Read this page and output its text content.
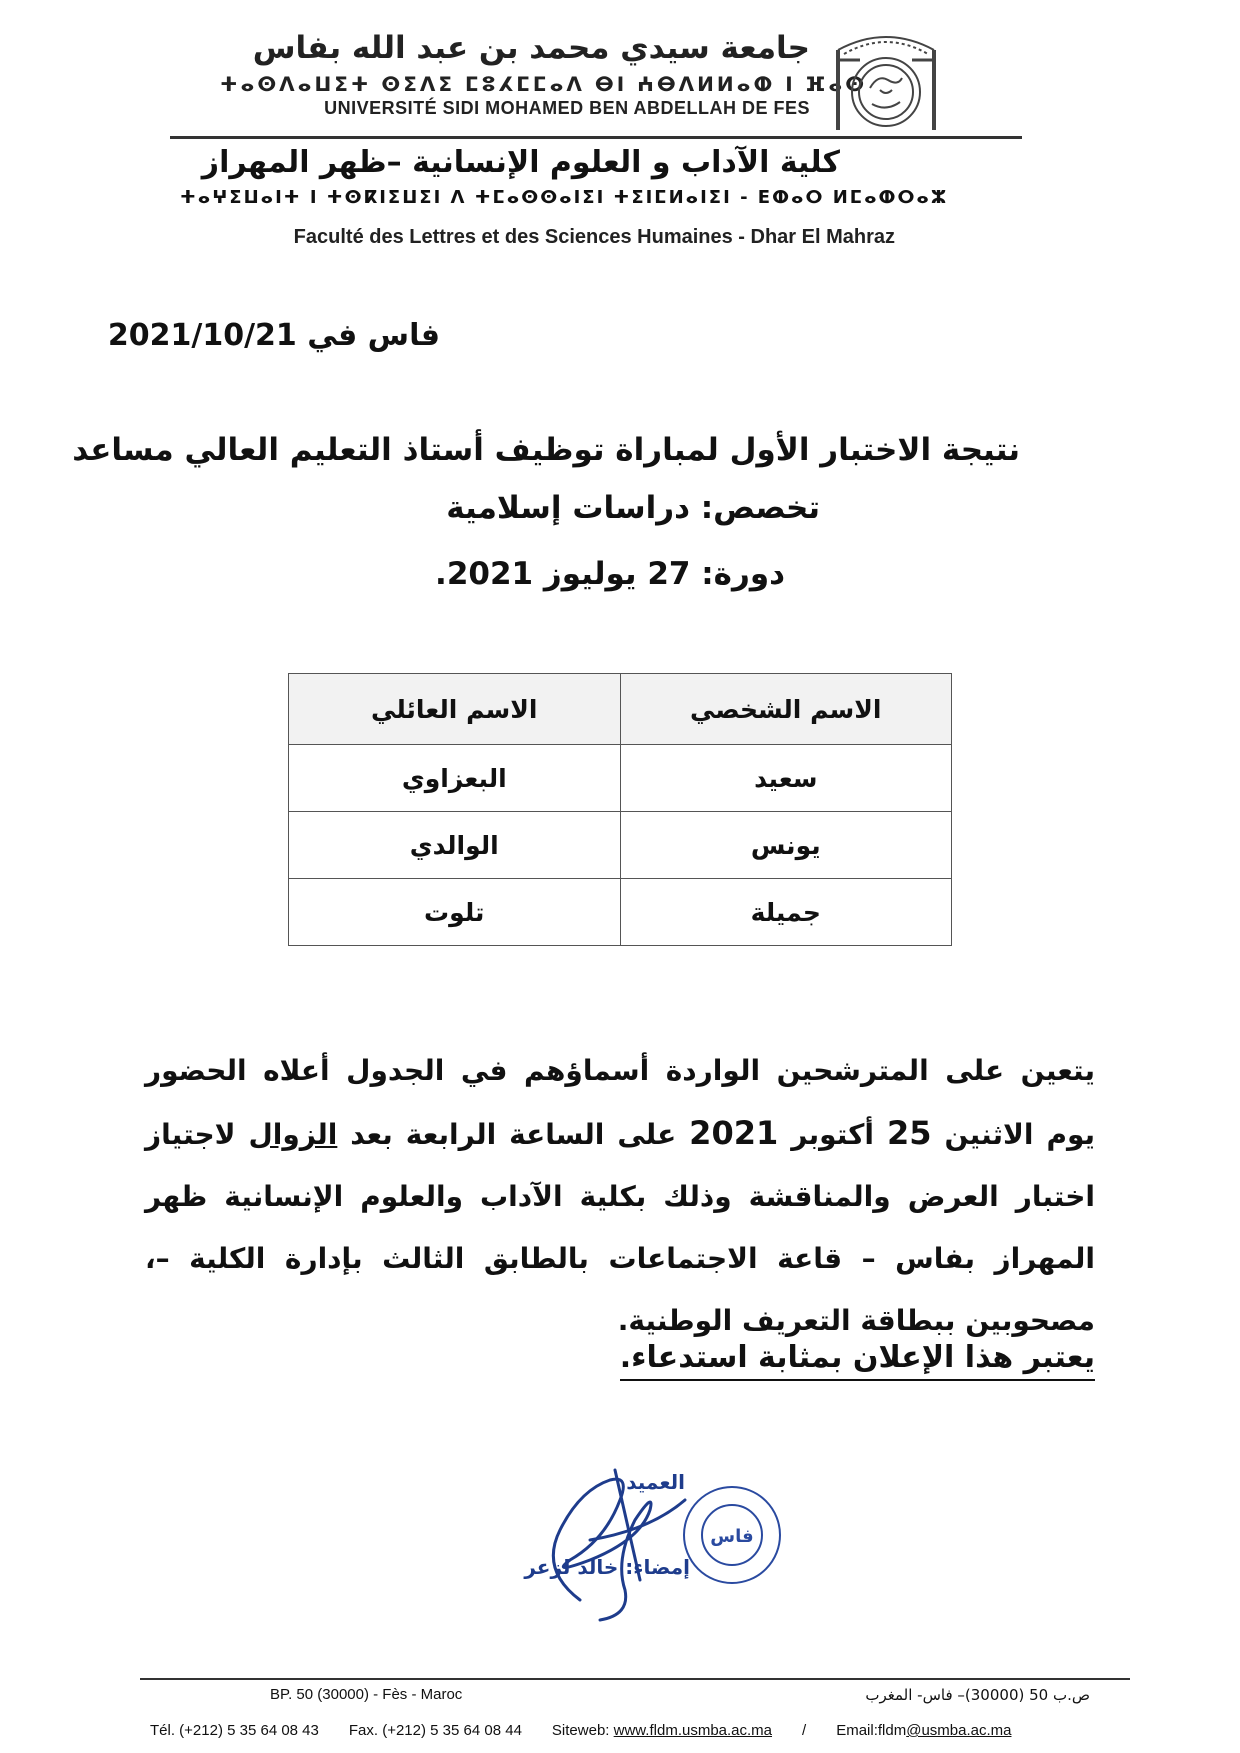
جامعة سيدي محمد بن عبد الله بفاس
ⵜⴰⵙⴷⴰⵡⵉⵜ ⵙⵉⴷⵉ ⵎⵓⵃⵎⵎⴰⴷ ⴱⵏ ⵄⴱⴷⵍⵍⴰⵀ ⵏ ⴼⴰⵙ
UNIVERSITÉ SIDI MOHAMED BEN ABDELLAH DE FES
كلية الآداب و العلوم الإنسانية –ظهر المهراز
ⵜⴰⵖⵉⵡⴰⵏⵜ ⵏ ⵜⵙⴽⵏⵉⵡⵉⵏ ⴷ ⵜⵎⴰⵙⵙⴰⵏⵉⵏ ⵜⵉⵏⵎⵍⴰⵏⵉⵏ - ⴹⵀⴰⵔ ⵍⵎⴰⵀⵔⴰⵣ
Faculté des Lettres et des Sciences Humaines - Dhar El Mahraz
فاس في 2021/10/21
نتيجة الاختبار الأول لمباراة توظيف أستاذ التعليم العالي مساعد
تخصص: دراسات إسلامية
دورة: 27 يوليوز 2021.
الاسم الشخصي	الاسم العائلي
سعيد	البعزاوي
يونس	الوالدي
جميلة	تلوت
يتعين على المترشحين الواردة أسماؤهم في الجدول أعلاه الحضور يوم الاثنين 25 أكتوبر 2021 على الساعة الرابعة بعد الزوال لاجتياز اختبار العرض والمناقشة وذلك بكلية الآداب والعلوم الإنسانية ظهر المهراز بفاس – قاعة الاجتماعات بالطابق الثالث بإدارة الكلية –، مصحوبين ببطاقة التعريف الوطنية.
يعتبر هذا الإعلان بمثابة استدعاء.
فاس
العميد
إمضاء: خالد لزعر
BP. 50 (30000) - Fès - Maroc	ص.ب 50 (30000)– فاس- المغرب
Tél. (+212) 5 35 64 08 43 Fax. (+212) 5 35 64 08 44 Siteweb: www.fldm.usmba.ac.ma / Email:fldm@usmba.ac.ma
